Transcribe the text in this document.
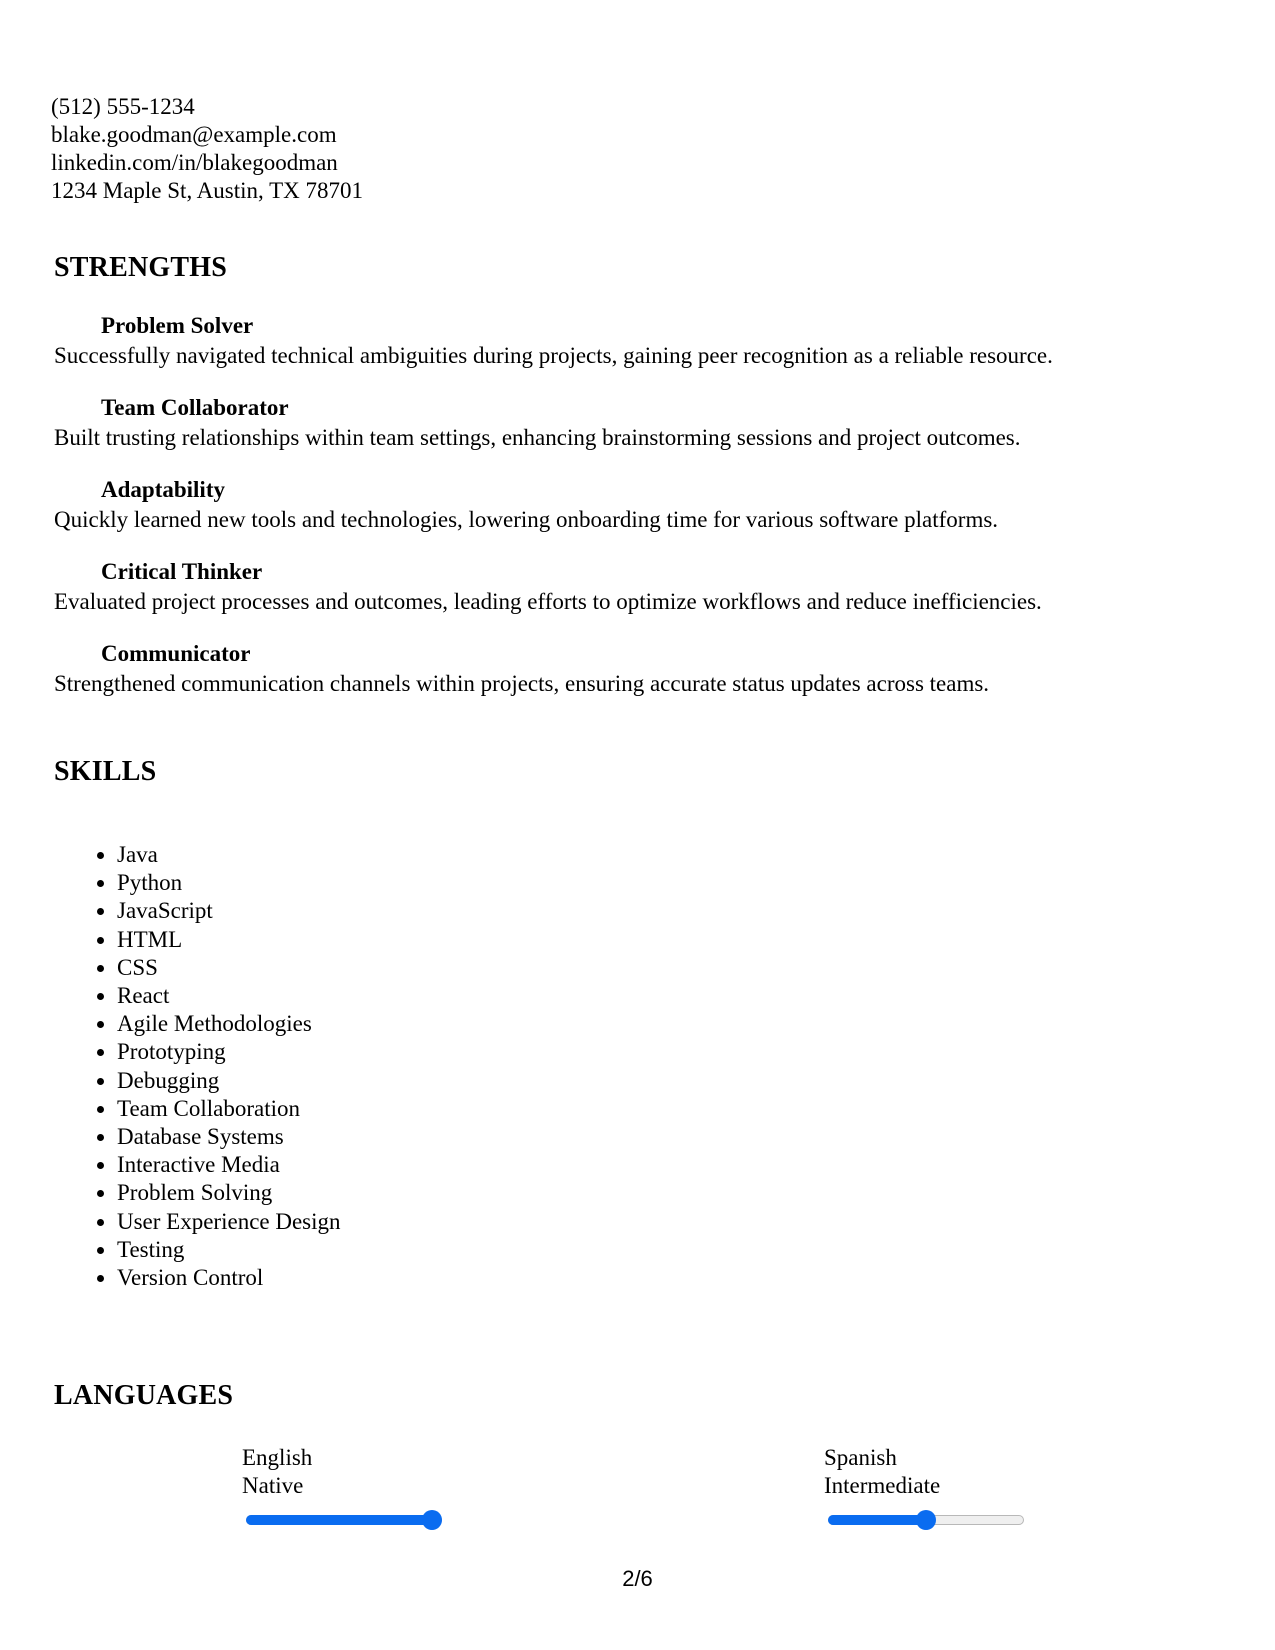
(512) 555-1234
blake.goodman@example.com
linkedin.com/in/blakegoodman
1234 Maple St, Austin, TX 78701
STRENGTHS
Problem Solver
Successfully navigated technical ambiguities during projects, gaining peer recognition as a reliable resource.
Team Collaborator
Built trusting relationships within team settings, enhancing brainstorming sessions and project outcomes.
Adaptability
Quickly learned new tools and technologies, lowering onboarding time for various software platforms.
Critical Thinker
Evaluated project processes and outcomes, leading efforts to optimize workflows and reduce inefficiencies.
Communicator
Strengthened communication channels within projects, ensuring accurate status updates across teams.
SKILLS
• Java
• Python
• JavaScript
• HTML
• CSS
• React
• Agile Methodologies
• Prototyping
• Debugging
• Team Collaboration
• Database Systems
• Interactive Media
• Problem Solving
• User Experience Design
• Testing
• Version Control
LANGUAGES
English
Native
Spanish
Intermediate
2/6
